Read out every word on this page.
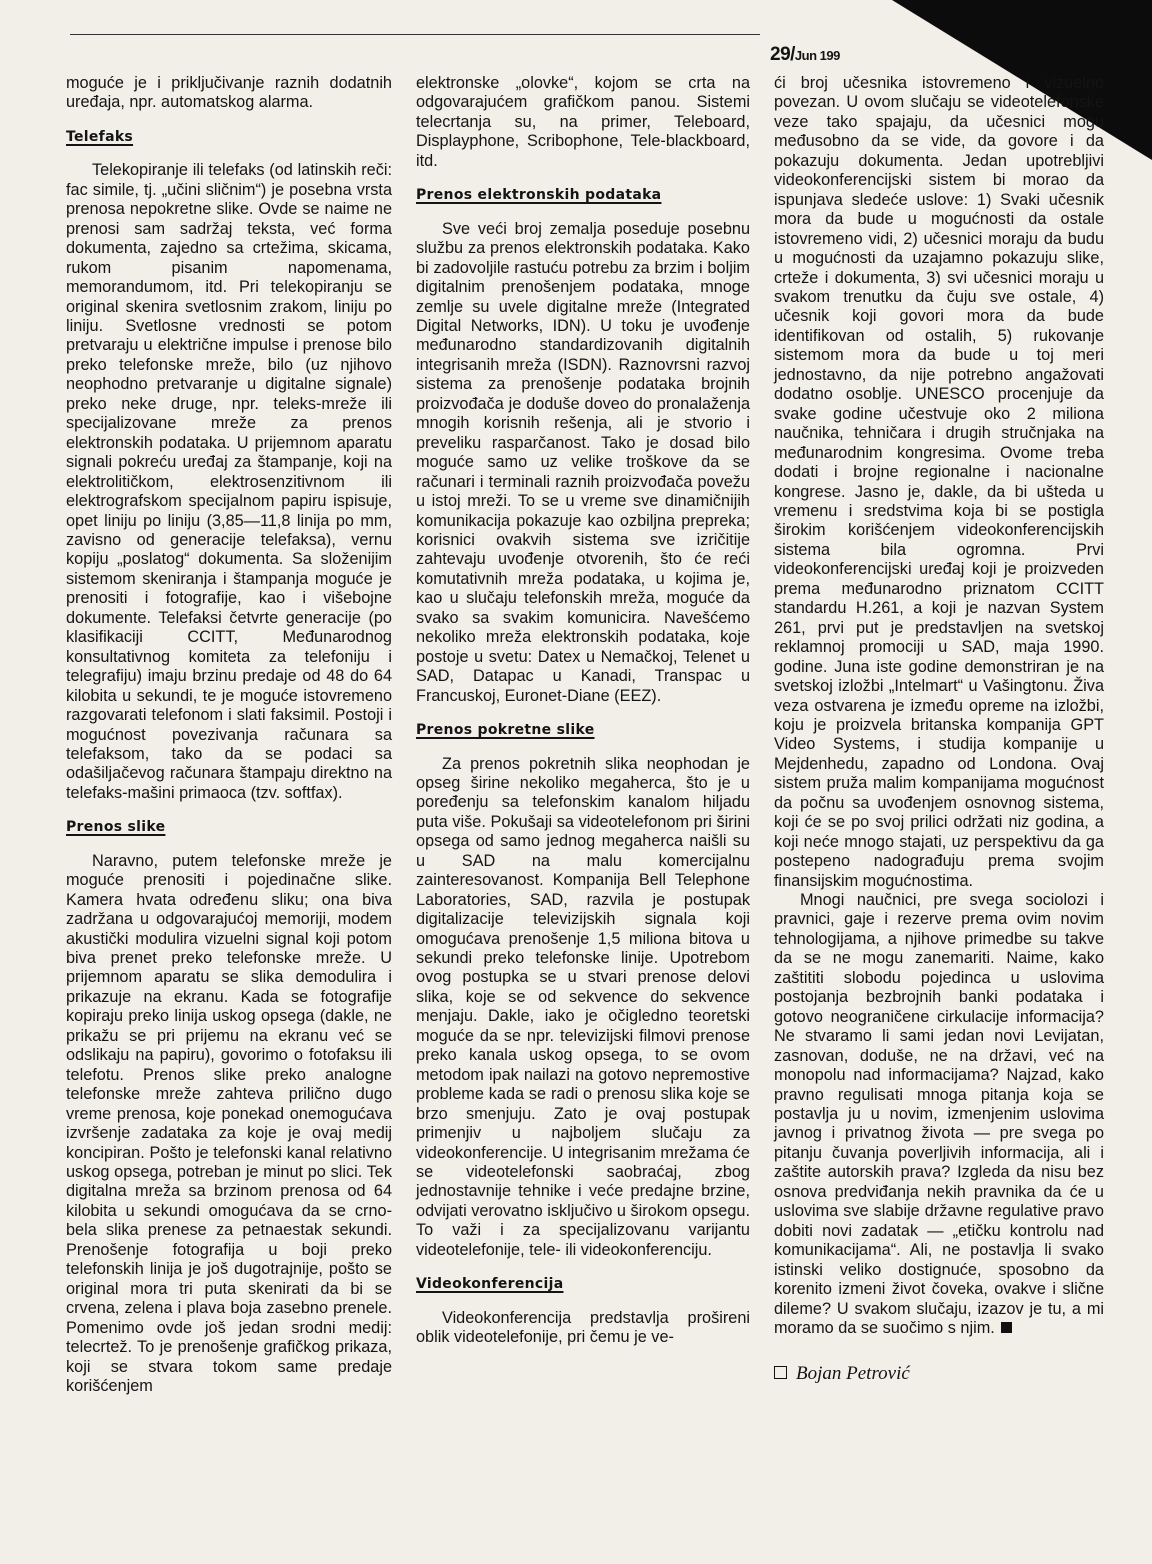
29/Jun 199

moguće je i priključivanje raznih dodatnih uređaja, npr. automatskog alarma.

Telefaks

Telekopiranje ili telefaks (od latinskih reči: fac simile, tj. „učini sličnim“) je posebna vrsta prenosa nepokretne slike. Ovde se naime ne prenosi sam sadržaj teksta, već forma dokumenta, zajedno sa crtežima, skicama, rukom pisanim napomenama, memorandumom, itd. Pri telekopiranju se original skenira svetlosnim zrakom, liniju po liniju. Svetlosne vrednosti se potom pretvaraju u električne impulse i prenose bilo preko telefonske mreže, bilo (uz njihovo neophodno pretvaranje u digitalne signale) preko neke druge, npr. teleks-mreže ili specijalizovane mreže za prenos elektronskih podataka. U prijemnom aparatu signali pokreću uređaj za štampanje, koji na elektrolitičkom, elektrosenzitivnom ili elektrografskom specijalnom papiru ispisuje, opet liniju po liniju (3,85—11,8 linija po mm, zavisno od generacije telefaksa), vernu kopiju „poslatog“ dokumenta. Sa složenijim sistemom skeniranja i štampanja moguće je prenositi i fotografije, kao i višebojne dokumente. Telefaksi četvrte generacije (po klasifikaciji CCITT, Međunarodnog konsultativnog komiteta za telefoniju i telegrafiju) imaju brzinu predaje od 48 do 64 kilobita u sekundi, te je moguće istovremeno razgovarati telefonom i slati faksimil. Postoji i mogućnost povezivanja računara sa telefaksom, tako da se podaci sa odašiljačevog računara štampaju direktno na telefaks-mašini primaoca (tzv. softfax).

Prenos slike

Naravno, putem telefonske mreže je moguće prenositi i pojedinačne slike. Kamera hvata određenu sliku; ona biva zadržana u odgovarajućoj memoriji, modem akustički modulira vizuelni signal koji potom biva prenet preko telefonske mreže. U prijemnom aparatu se slika demodulira i prikazuje na ekranu. Kada se fotografije kopiraju preko linija uskog opsega (dakle, ne prikažu se pri prijemu na ekranu već se odslikaju na papiru), govorimo o fotofaksu ili telefotu. Prenos slike preko analogne telefonske mreže zahteva prilično dugo vreme prenosa, koje ponekad onemogućava izvršenje zadataka za koje je ovaj medij koncipiran. Pošto je telefonski kanal relativno uskog opsega, potreban je minut po slici. Tek digitalna mreža sa brzinom prenosa od 64 kilobita u sekundi omogućava da se crno-bela slika prenese za petnaestak sekundi. Prenošenje fotografija u boji preko telefonskih linija je još dugotrajnije, pošto se original mora tri puta skenirati da bi se crvena, zelena i plava boja zasebno prenele. Pomenimo ovde još jedan srodni medij: telecrtež. To je prenošenje grafičkog prikaza, koji se stvara tokom same predaje korišćenjem

elektronske „olovke“, kojom se crta na odgovarajućem grafičkom panou. Sistemi telecrtanja su, na primer, Teleboard, Displayphone, Scribophone, Tele-blackboard, itd.

Prenos elektronskih podataka

Sve veći broj zemalja poseduje posebnu službu za prenos elektronskih podataka. Kako bi zadovoljile rastuću potrebu za brzim i boljim digitalnim prenošenjem podataka, mnoge zemlje su uvele digitalne mreže (Integrated Digital Networks, IDN). U toku je uvođenje međunarodno standardizovanih digitalnih integrisanih mreža (ISDN). Raznovrsni razvoj sistema za prenošenje podataka brojnih proizvođača je doduše doveo do pronalaženja mnogih korisnih rešenja, ali je stvorio i preveliku rasparčanost. Tako je dosad bilo moguće samo uz velike troškove da se računari i terminali raznih proizvođača povežu u istoj mreži. To se u vreme sve dinamičnijih komunikacija pokazuje kao ozbiljna prepreka; korisnici ovakvih sistema sve izričitije zahtevaju uvođenje otvorenih, što će reći komutativnih mreža podataka, u kojima je, kao u slučaju telefonskih mreža, moguće da svako sa svakim komunicira. Navešćemo nekoliko mreža elektronskih podataka, koje postoje u svetu: Datex u Nemačkoj, Telenet u SAD, Datapac u Kanadi, Transpac u Francuskoj, Euronet-Diane (EEZ).

Prenos pokretne slike

Za prenos pokretnih slika neophodan je opseg širine nekoliko megaherca, što je u poređenju sa telefonskim kanalom hiljadu puta više. Pokušaji sa videotelefonom pri širini opsega od samo jednog megaherca naišli su u SAD na malu komercijalnu zainteresovanost. Kompanija Bell Telephone Laboratories, SAD, razvila je postupak digitalizacije televizijskih signala koji omogućava prenošenje 1,5 miliona bitova u sekundi preko telefonske linije. Upotrebom ovog postupka se u stvari prenose delovi slika, koje se od sekvence do sekvence menjaju. Dakle, iako je očigledno teoretski moguće da se npr. televizijski filmovi prenose preko kanala uskog opsega, to se ovom metodom ipak nailazi na gotovo nepremostive probleme kada se radi o prenosu slika koje se brzo smenjuju. Zato je ovaj postupak primenjiv u najboljem slučaju za videokonferencije. U integrisanim mrežama će se videotelefonski saobraćaj, zbog jednostavnije tehnike i veće predajne brzine, odvijati verovatno isključivo u širokom opsegu. To važi i za specijalizovanu varijantu videotelefonije, tele- ili videokonferenciju.

Videokonferencija

Videokonferencija predstavlja prošireni oblik videotelefonije, pri čemu je ve-

ći broj učesnika istovremeno i vizuelno povezan. U ovom slučaju se videotelefonske veze tako spajaju, da učesnici mogu međusobno da se vide, da govore i da pokazuju dokumenta. Jedan upotrebljivi videokonferencijski sistem bi morao da ispunjava sledeće uslove: 1) Svaki učesnik mora da bude u mogućnosti da ostale istovremeno vidi, 2) učesnici moraju da budu u mogućnosti da uzajamno pokazuju slike, crteže i dokumenta, 3) svi učesnici moraju u svakom trenutku da čuju sve ostale, 4) učesnik koji govori mora da bude identifikovan od ostalih, 5) rukovanje sistemom mora da bude u toj meri jednostavno, da nije potrebno angažovati dodatno osoblje. UNESCO procenjuje da svake godine učestvuje oko 2 miliona naučnika, tehničara i drugih stručnjaka na međunarodnim kongresima. Ovome treba dodati i brojne regionalne i nacionalne kongrese. Jasno je, dakle, da bi ušteda u vremenu i sredstvima koja bi se postigla širokim korišćenjem videokonferencijskih sistema bila ogromna. Prvi videokonferencijski uređaj koji je proizveden prema međunarodno priznatom CCITT standardu H.261, a koji je nazvan System 261, prvi put je predstavljen na svetskoj reklamnoj promociji u SAD, maja 1990. godine. Juna iste godine demonstriran je na svetskoj izložbi „Intelmart“ u Vašingtonu. Živa veza ostvarena je između opreme na izložbi, koju je proizvela britanska kompanija GPT Video Systems, i studija kompanije u Mejdenhedu, zapadno od Londona. Ovaj sistem pruža malim kompanijama mogućnost da počnu sa uvođenjem osnovnog sistema, koji će se po svoj prilici održati niz godina, a koji neće mnogo stajati, uz perspektivu da ga postepeno nadograđuju prema svojim finansijskim mogućnostima.

Mnogi naučnici, pre svega sociolozi i pravnici, gaje i rezerve prema ovim novim tehnologijama, a njihove primedbe su takve da se ne mogu zanemariti. Naime, kako zaštititi slobodu pojedinca u uslovima postojanja bezbrojnih banki podataka i gotovo neograničene cirkulacije informacija? Ne stvaramo li sami jedan novi Levijatan, zasnovan, doduše, ne na državi, već na monopolu nad informacijama? Najzad, kako pravno regulisati mnoga pitanja koja se postavlja ju u novim, izmenjenim uslovima javnog i privatnog života — pre svega po pitanju čuvanja poverljivih informacija, ali i zaštite autorskih prava? Izgleda da nisu bez osnova predviđanja nekih pravnika da će u uslovima sve slabije državne regulative pravo dobiti novi zadatak — „etičku kontrolu nad komunikacijama“. Ali, ne postavlja li svako istinski veliko dostignuće, sposobno da korenito izmeni život čoveka, ovakve i slične dileme? U svakom slučaju, izazov je tu, a mi moramo da se suočimo s njim.

Bojan Petrović
